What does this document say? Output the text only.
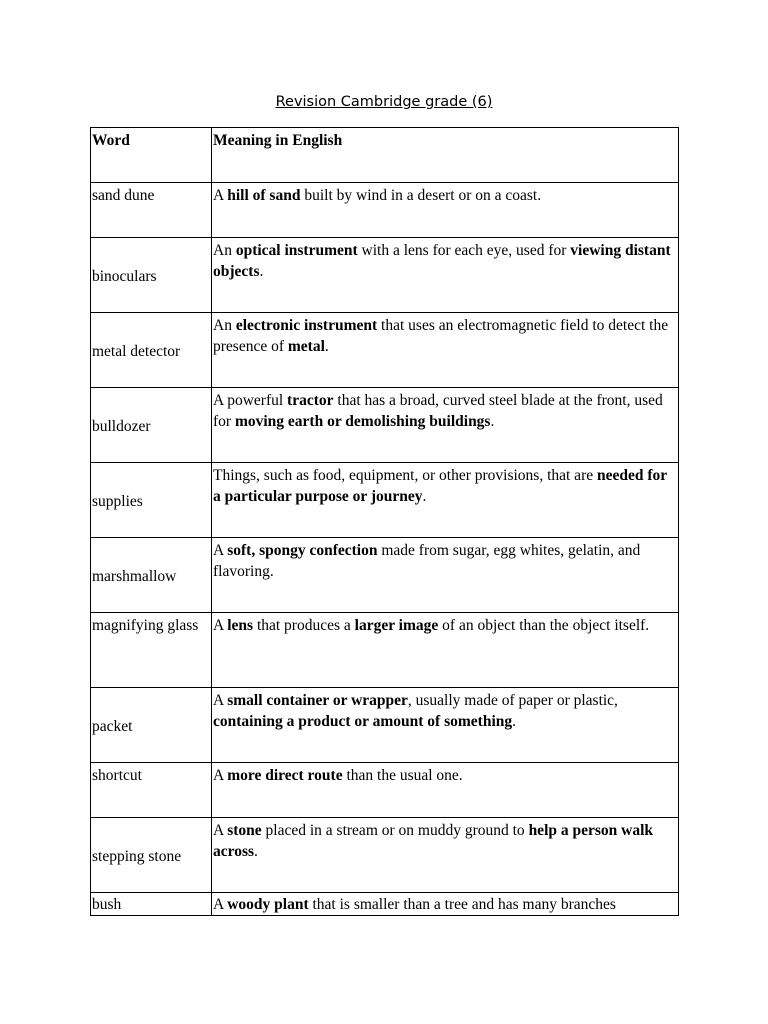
Revision Cambridge grade (6)
Word	Meaning in English
sand dune	A hill of sand built by wind in a desert or on a coast.
binoculars	An optical instrument with a lens for each eye, used for viewing distant objects.
metal detector	An electronic instrument that uses an electromagnetic field to detect the presence of metal.
bulldozer	A powerful tractor that has a broad, curved steel blade at the front, used for moving earth or demolishing buildings.
supplies	Things, such as food, equipment, or other provisions, that are needed for a particular purpose or journey.
marshmallow	A soft, spongy confection made from sugar, egg whites, gelatin, and flavoring.
magnifying glass	A lens that produces a larger image of an object than the object itself.
packet	A small container or wrapper, usually made of paper or plastic, containing a product or amount of something.
shortcut	A more direct route than the usual one.
stepping stone	A stone placed in a stream or on muddy ground to help a person walk across.
bush	A woody plant that is smaller than a tree and has many branches
